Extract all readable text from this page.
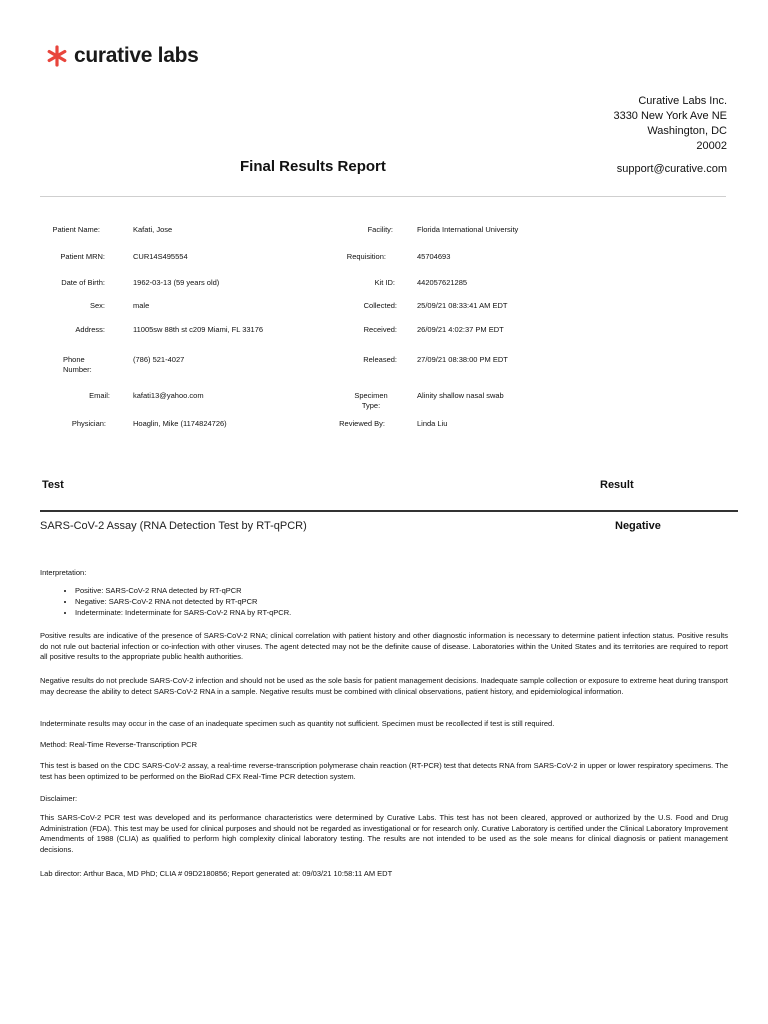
curative labs
Curative Labs Inc.
3330 New York Ave NE
Washington, DC
20002
Final Results Report	support@curative.com
Patient Name:	Kafati, Jose
Patient MRN:	CUR14S495554
Date of Birth:	1962-03-13 (59 years old)
Sex:	male
Address:	11005sw 88th st c209 Miami, FL 33176
Phone Number:
(786) 521-4027
Email:	kafati13@yahoo.com
Physician:	Hoaglin, Mike (1174824726)
Facility:	Florida International University
Requisition:	45704693
Kit ID:	442057621285
Collected:	25/09/21 08:33:41 AM EDT
Received:	26/09/21 4:02:37 PM EDT
Released:	27/09/21 08:38:00 PM EDT
Specimen Type:
Alinity shallow nasal swab
Reviewed By:	Linda Liu
Test	Result
SARS-CoV-2 Assay (RNA Detection Test by RT-qPCR)	Negative
Interpretation:
• Positive: SARS-CoV-2 RNA detected by RT-qPCR
• Negative: SARS-CoV-2 RNA not detected by RT-qPCR
• Indeterminate: Indeterminate for SARS-CoV-2 RNA by RT-qPCR.
Positive results are indicative of the presence of SARS-CoV-2 RNA; clinical correlation with patient history and other diagnostic information is necessary to determine patient infection status. Positive results do not rule out bacterial infection or co-infection with other viruses. The agent detected may not be the definite cause of disease. Laboratories within the United States and its territories are required to report all positive results to the appropriate public health authorities.
Negative results do not preclude SARS-CoV-2 infection and should not be used as the sole basis for patient management decisions. Inadequate sample collection or exposure to extreme heat during transport may decrease the ability to detect SARS-CoV-2 RNA in a sample. Negative results must be combined with clinical observations, patient history, and epidemiological information.
Indeterminate results may occur in the case of an inadequate specimen such as quantity not sufficient. Specimen must be recollected if test is still required.
Method: Real-Time Reverse-Transcription PCR
This test is based on the CDC SARS-CoV-2 assay, a real-time reverse-transcription polymerase chain reaction (RT-PCR) test that detects RNA from SARS-CoV-2 in upper or lower respiratory specimens. The test has been optimized to be performed on the BioRad CFX Real-Time PCR detection system.
Disclaimer:
This SARS-CoV-2 PCR test was developed and its performance characteristics were determined by Curative Labs. This test has not been cleared, approved or authorized by the U.S. Food and Drug Administration (FDA). This test may be used for clinical purposes and should not be regarded as investigational or for research only. Curative Laboratory is certified under the Clinical Laboratory Improvement Amendments of 1988 (CLIA) as qualified to perform high complexity clinical laboratory testing. The results are not intended to be used as the sole means for clinical diagnosis or patient management decisions.
Lab director: Arthur Baca, MD PhD; CLIA # 09D2180856; Report generated at: 09/03/21 10:58:11 AM EDT
